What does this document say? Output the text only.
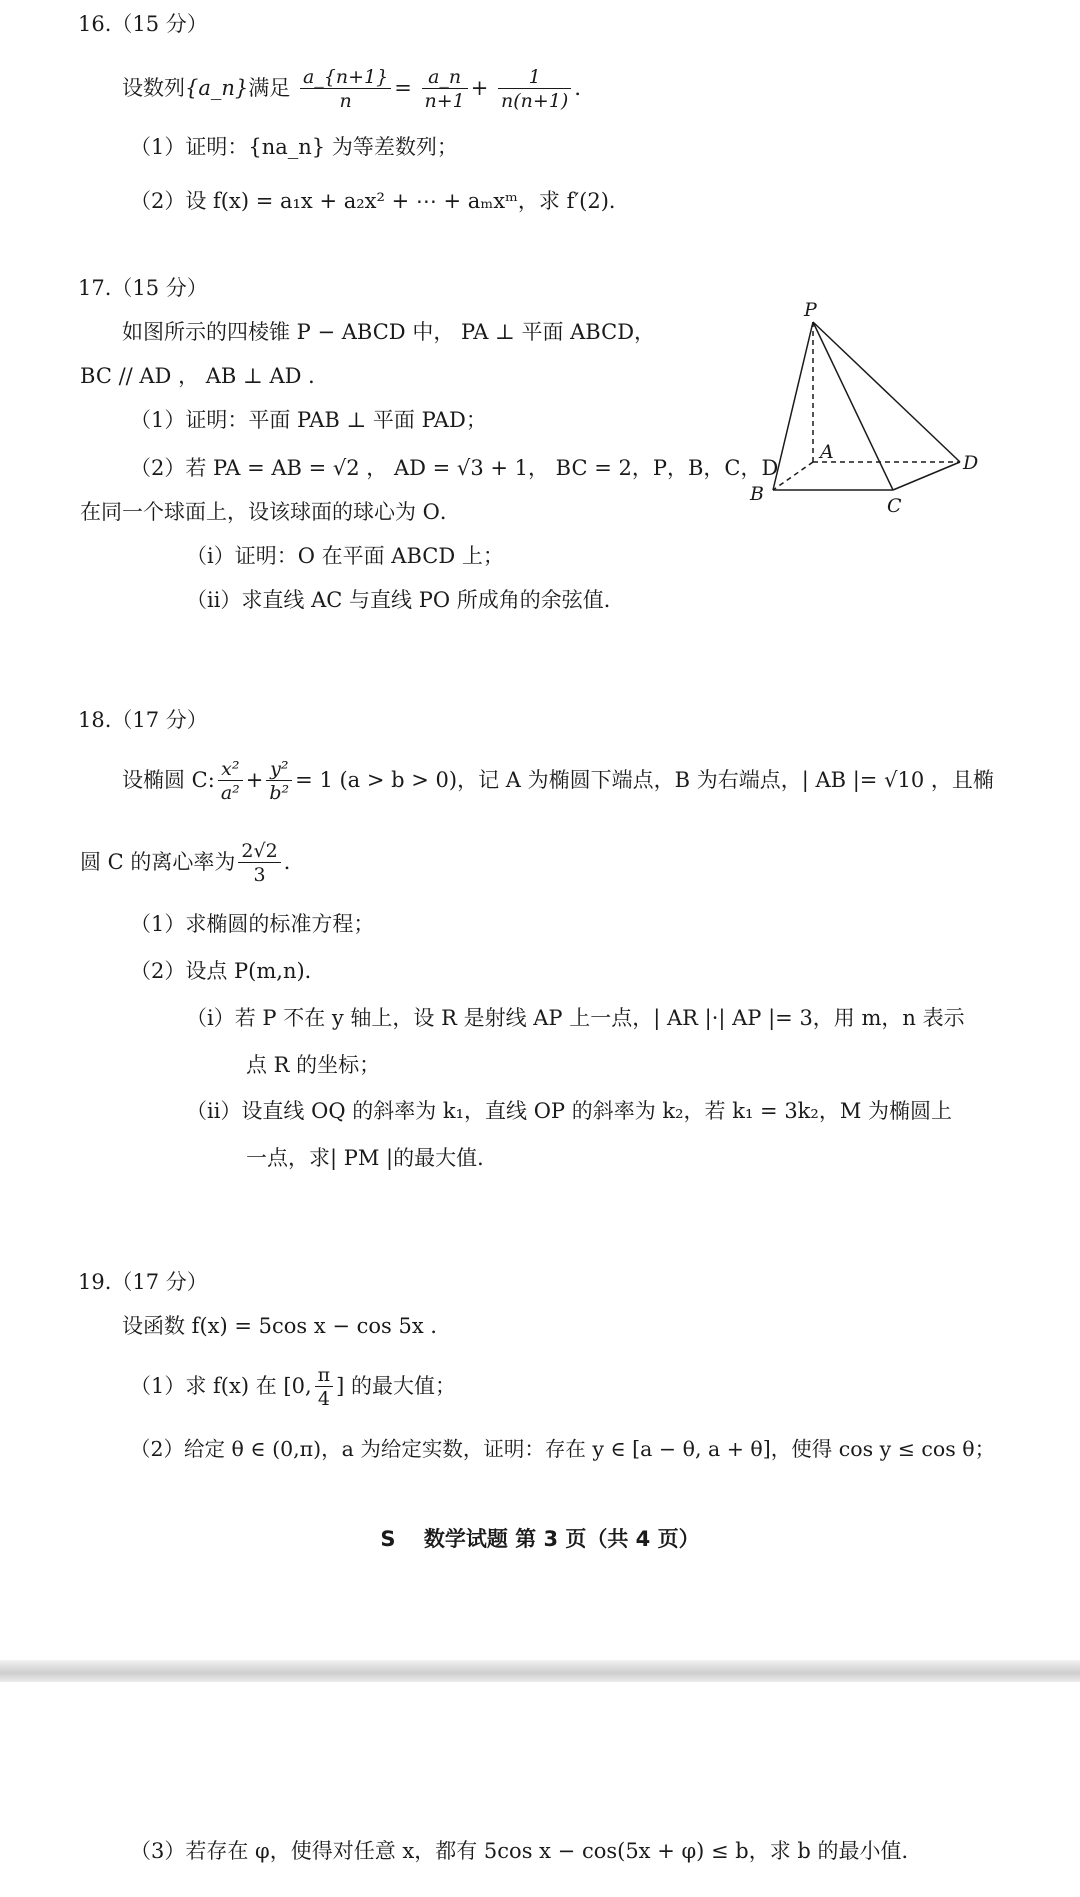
16.（15 分）
设数列{a_n}满足 $\frac{a\_\{n+1\}}{n} = \frac{a\_n}{n+1} + \frac{1}{n(n+1)}$ ．
（1）证明：{na_n} 为等差数列；
（2）设 f(x) = a₁x + a₂x² + ⋯ + aₘxᵐ，求 f′(2)．
17.（15 分）
如图所示的四棱锥 P − ABCD 中， PA ⊥ 平面 ABCD，
BC // AD ， AB ⊥ AD ．
（1）证明：平面 PAB ⊥ 平面 PAD；
（2）若 PA = AB = √2 ， AD = √3 + 1， BC = 2，P，B，C，D
在同一个球面上，设该球面的球心为 O．
（ⅰ）证明：O 在平面 ABCD 上；
（ⅱ）求直线 AC 与直线 PO 所成角的余弦值．
P
A
B
C
D
18.（17 分）
设椭圆 C: $\frac{\text{x²}}{\text{a²}} + \frac{\text{y²}}{\text{b²}} = 1$ (a > b > 0)，记 A 为椭圆下端点，B 为右端点，| AB |= √10 ，且椭
圆 C 的离心率为 $\frac{2√2}{3}$ ．
（1）求椭圆的标准方程；
（2）设点 P(m,n)．
（ⅰ）若 P 不在 y 轴上，设 R 是射线 AP 上一点，| AR |·| AP |= 3，用 m，n 表示
点 R 的坐标；
（ⅱ）设直线 OQ 的斜率为 k₁，直线 OP 的斜率为 k₂，若 k₁ = 3k₂，M 为椭圆上
一点，求| PM |的最大值．
19.（17 分）
设函数 f(x) = 5cos x − cos 5x ．
（1）求 f(x) 在 [0, $\frac{\pi}{4}$ ] 的最大值；
（2）给定 θ ∈ (0,π)，a 为给定实数，证明：存在 y ∈ [a − θ, a + θ]，使得 cos y ≤ cos θ；
S　 数学试题 第 3 页（共 4 页）
（3）若存在 φ，使得对任意 x，都有 5cos x − cos(5x + φ) ≤ b，求 b 的最小值．
